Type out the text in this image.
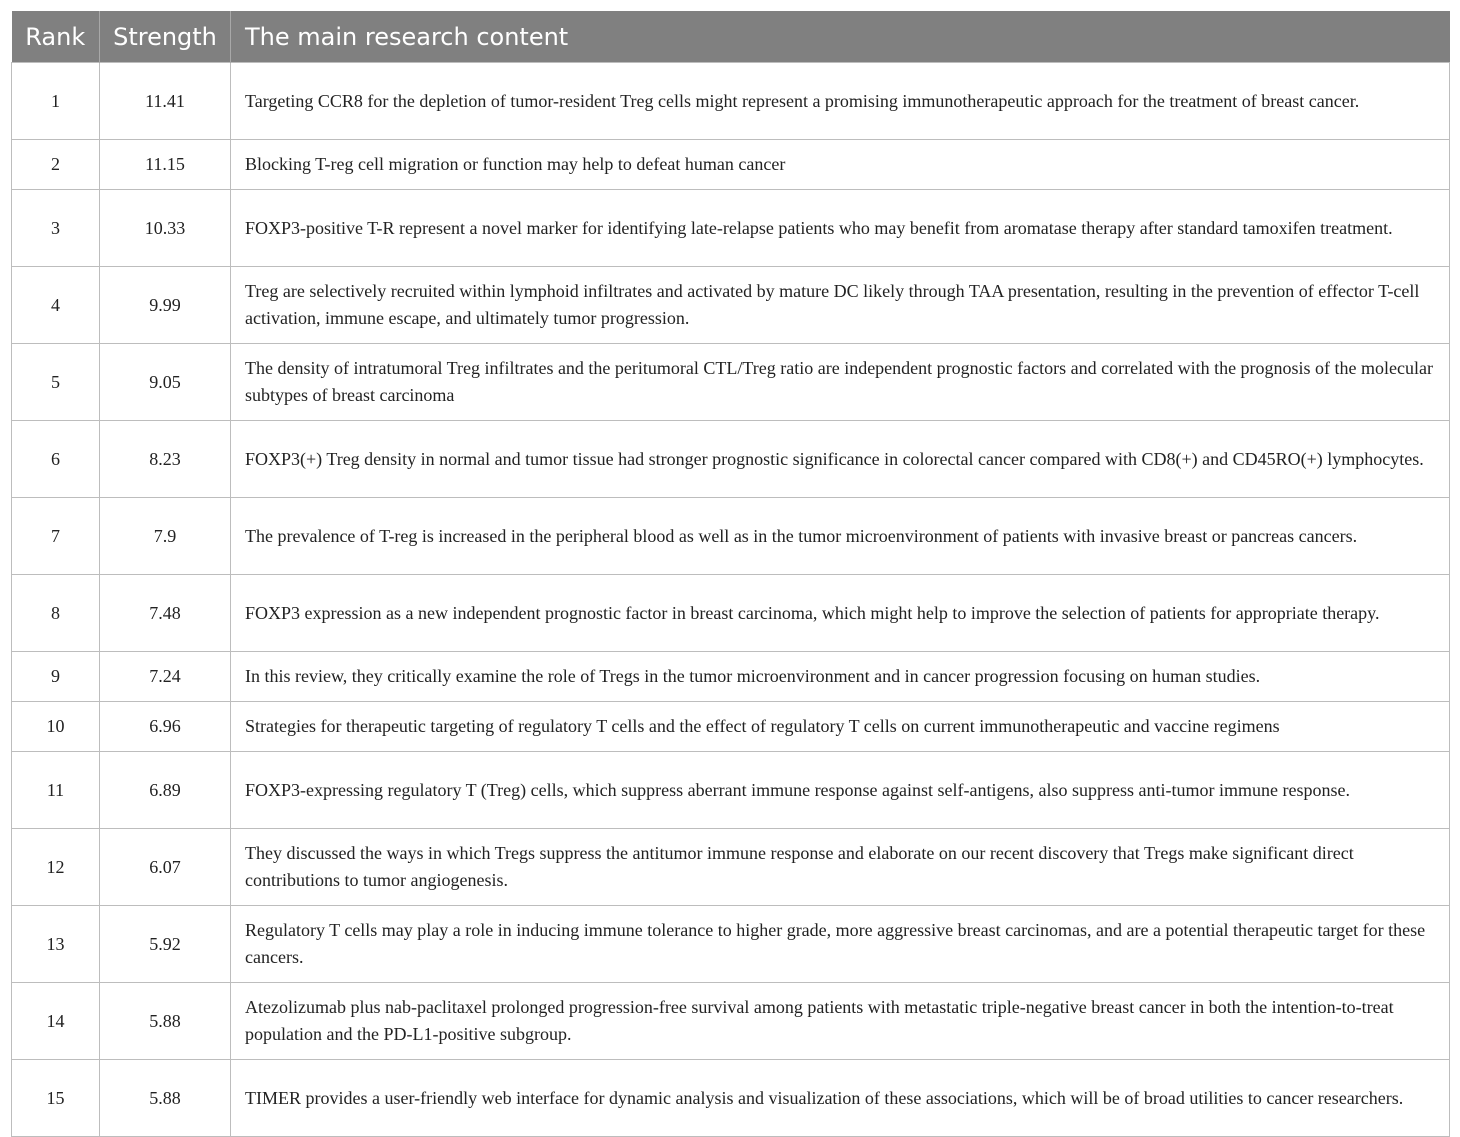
Rank	Strength	The main research content
1	11.41	Targeting CCR8 for the depletion of tumor-resident Treg cells might represent a promising immunotherapeutic approach for the treatment of breast cancer.
2	11.15	Blocking T-reg cell migration or function may help to defeat human cancer
3	10.33	FOXP3-positive T-R represent a novel marker for identifying late-relapse patients who may benefit from aromatase therapy after standard tamoxifen treatment.
4	9.99	Treg are selectively recruited within lymphoid infiltrates and activated by mature DC likely through TAA presentation, resulting in the prevention of effector T-cell activation, immune escape, and ultimately tumor progression.
5	9.05	The density of intratumoral Treg infiltrates and the peritumoral CTL/Treg ratio are independent prognostic factors and correlated with the prognosis of the molecular subtypes of breast carcinoma
6	8.23	FOXP3(+) Treg density in normal and tumor tissue had stronger prognostic significance in colorectal cancer compared with CD8(+) and CD45RO(+) lymphocytes.
7	7.9	The prevalence of T-reg is increased in the peripheral blood as well as in the tumor microenvironment of patients with invasive breast or pancreas cancers.
8	7.48	FOXP3 expression as a new independent prognostic factor in breast carcinoma, which might help to improve the selection of patients for appropriate therapy.
9	7.24	In this review, they critically examine the role of Tregs in the tumor microenvironment and in cancer progression focusing on human studies.
10	6.96	Strategies for therapeutic targeting of regulatory T cells and the effect of regulatory T cells on current immunotherapeutic and vaccine regimens
11	6.89	FOXP3-expressing regulatory T (Treg) cells, which suppress aberrant immune response against self-antigens, also suppress anti-tumor immune response.
12	6.07	They discussed the ways in which Tregs suppress the antitumor immune response and elaborate on our recent discovery that Tregs make significant direct contributions to tumor angiogenesis.
13	5.92	Regulatory T cells may play a role in inducing immune tolerance to higher grade, more aggressive breast carcinomas, and are a potential therapeutic target for these cancers.
14	5.88	Atezolizumab plus nab-paclitaxel prolonged progression-free survival among patients with metastatic triple-negative breast cancer in both the intention-to-treat population and the PD-L1-positive subgroup.
15	5.88	TIMER provides a user-friendly web interface for dynamic analysis and visualization of these associations, which will be of broad utilities to cancer researchers.
